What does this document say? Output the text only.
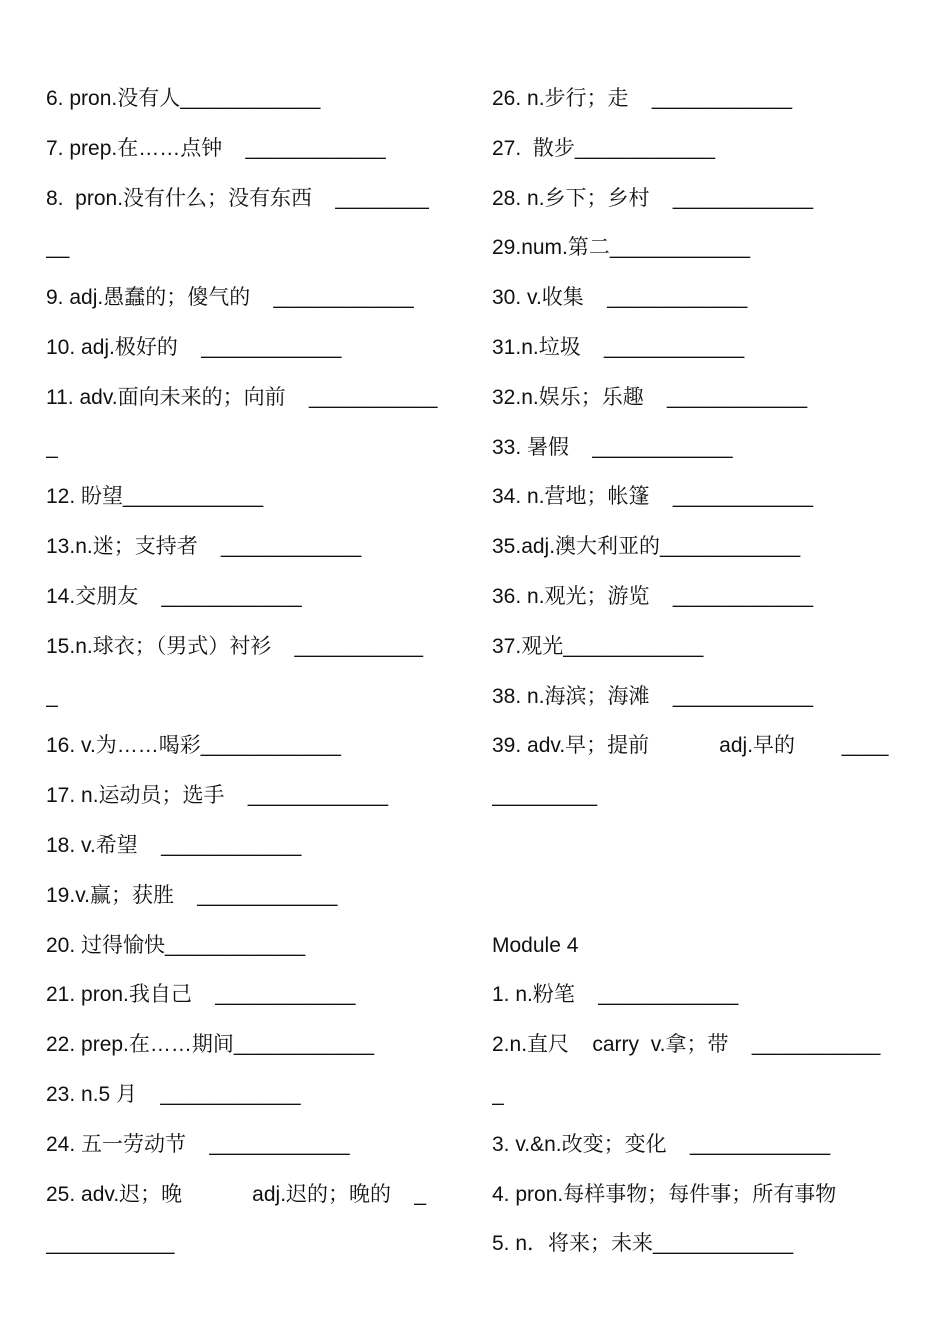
6. pron.没有人____________
7. prep.在……点钟    ____________
8.  pron.没有什么；没有东西    ________
__
9. adj.愚蠢的；傻气的    ____________
10. adj.极好的    ____________
11. adv.面向未来的；向前    ___________
_
12. 盼望____________
13.n.迷；支持者    ____________
14.交朋友    ____________
15.n.球衣；（男式）衬衫    ___________
_
16. v.为……喝彩____________
17. n.运动员；选手    ____________
18. v.希望    ____________
19.v.赢；获胜    ____________
20. 过得愉快____________
21. pron.我自己    ____________
22. prep.在……期间____________
23. n.5 月    ____________
24. 五一劳动节    ____________
25. adv.迟；晚            adj.迟的；晚的    _
___________
26. n.步行；走    ____________
27.  散步____________
28. n.乡下；乡村    ____________
29.num.第二____________
30. v.收集    ____________
31.n.垃圾    ____________
32.n.娱乐；乐趣    ____________
33. 暑假    ____________
34. n.营地；帐篷    ____________
35.adj.澳大利亚的____________
36. n.观光；游览    ____________
37.观光____________
38. n.海滨；海滩    ____________
39. adv.早；提前            adj.早的        ____
_________
Module 4
1. n.粉笔    ____________
2.n.直尺    carry  v.拿；带    ___________
_
3. v.&n.改变；变化    ____________
4. pron.每样事物；每件事；所有事物
5. n．将来；未来____________
